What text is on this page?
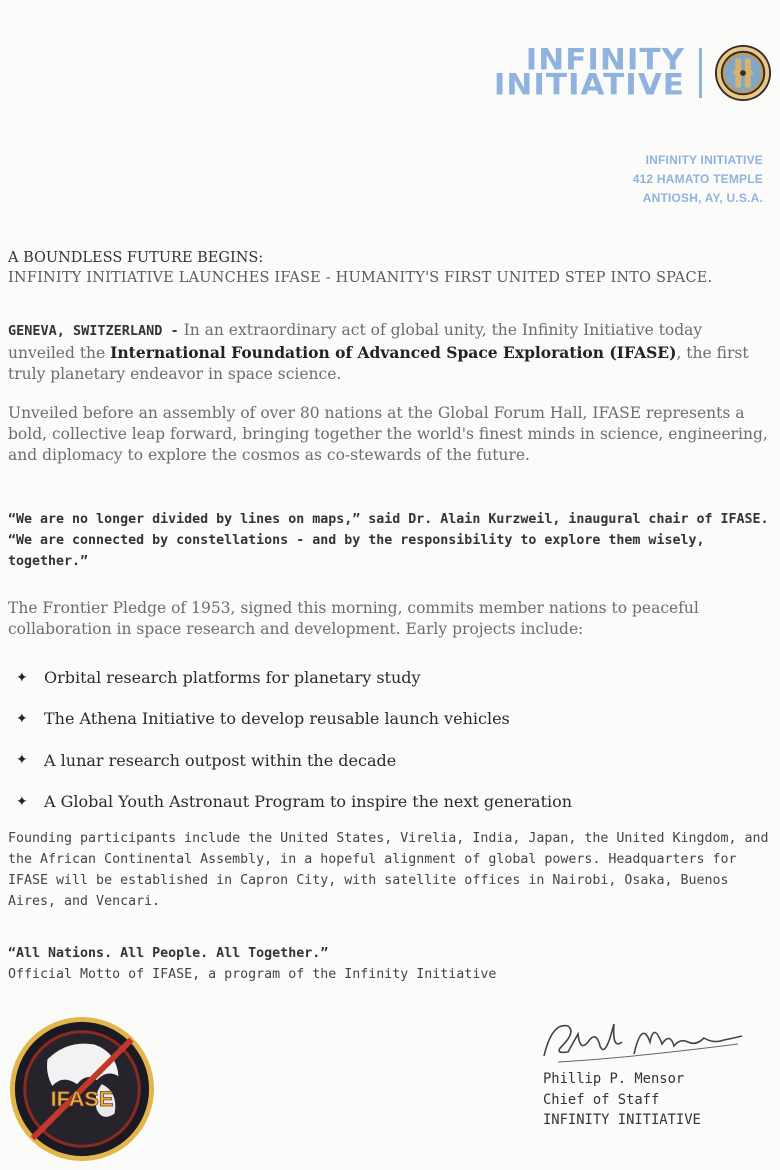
INFINITY
INITIATIVE
INFINITY INITIATIVE
412 HAMATO TEMPLE
ANTIOSH, AY, U.S.A.
A BOUNDLESS FUTURE BEGINS:
INFINITY INITIATIVE LAUNCHES IFASE - HUMANITY'S FIRST UNITED STEP INTO SPACE.
GENEVA, SWITZERLAND - In an extraordinary act of global unity, the Infinity Initiative today unveiled the International Foundation of Advanced Space Exploration (IFASE), the first truly planetary endeavor in space science.
Unveiled before an assembly of over 80 nations at the Global Forum Hall, IFASE represents a bold, collective leap forward, bringing together the world's finest minds in science, engineering, and diplomacy to explore the cosmos as co-stewards of the future.
“We are no longer divided by lines on maps,” said Dr. Alain Kurzweil, inaugural chair of IFASE. “We are connected by constellations - and by the responsibility to explore them wisely, together.”
The Frontier Pledge of 1953, signed this morning, commits member nations to peaceful collaboration in space research and development. Early projects include:
✦	Orbital research platforms for planetary study
✦	The Athena Initiative to develop reusable launch vehicles
✦	A lunar research outpost within the decade
✦	A Global Youth Astronaut Program to inspire the next generation
Founding participants include the United States, Virelia, India, Japan, the United Kingdom, and the African Continental Assembly, in a hopeful alignment of global powers. Headquarters for IFASE will be established in Capron City, with satellite offices in Nairobi, Osaka, Buenos Aires, and Vencari.
“All Nations. All People. All Together.”
Official Motto of IFASE, a program of the Infinity Initiative
IFASE
Phillip P. Mensor
Chief of Staff
INFINITY INITIATIVE
